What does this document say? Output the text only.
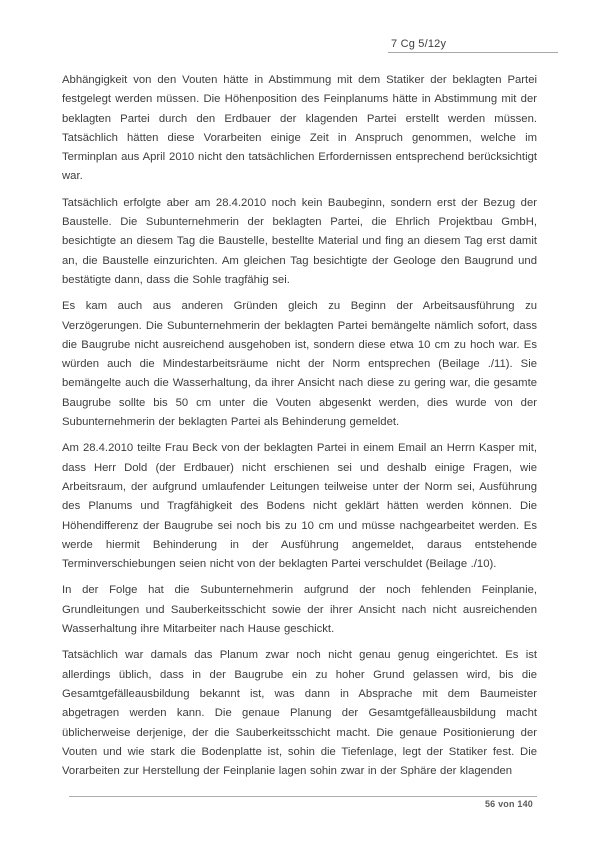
7 Cg 5/12y

Abhängigkeit von den Vouten hätte in Abstimmung mit dem Statiker der beklagten Partei festgelegt werden müssen. Die Höhenposition des Feinplanums hätte in Abstimmung mit der beklagten Partei durch den Erdbauer der klagenden Partei erstellt werden müssen. Tatsächlich hätten diese Vorarbeiten einige Zeit in Anspruch genommen, welche im Terminplan aus April 2010 nicht den tatsächlichen Erfordernissen entsprechend berücksichtigt war.

Tatsächlich erfolgte aber am 28.4.2010 noch kein Baubeginn, sondern erst der Bezug der Baustelle. Die Subunternehmerin der beklagten Partei, die Ehrlich Projektbau GmbH, besichtigte an diesem Tag die Baustelle, bestellte Material und fing an diesem Tag erst damit an, die Baustelle einzurichten. Am gleichen Tag besichtigte der Geologe den Baugrund und bestätigte dann, dass die Sohle tragfähig sei.

Es kam auch aus anderen Gründen gleich zu Beginn der Arbeitsausführung zu Verzögerungen. Die Subunternehmerin der beklagten Partei bemängelte nämlich sofort, dass die Baugrube nicht ausreichend ausgehoben ist, sondern diese etwa 10 cm zu hoch war. Es würden auch die Mindestarbeitsräume nicht der Norm entsprechen (Beilage ./11). Sie bemängelte auch die Wasserhaltung, da ihrer Ansicht nach diese zu gering war, die gesamte Baugrube sollte bis 50 cm unter die Vouten abgesenkt werden, dies wurde von der Subunternehmerin der beklagten Partei als Behinderung gemeldet.

Am 28.4.2010 teilte Frau Beck von der beklagten Partei in einem Email an Herrn Kasper mit, dass Herr Dold (der Erdbauer) nicht erschienen sei und deshalb einige Fragen, wie Arbeitsraum, der aufgrund umlaufender Leitungen teilweise unter der Norm sei, Ausführung des Planums und Tragfähigkeit des Bodens nicht geklärt hätten werden können. Die Höhendifferenz der Baugrube sei noch bis zu 10 cm und müsse nachgearbeitet werden. Es werde hiermit Behinderung in der Ausführung angemeldet, daraus entstehende Terminverschiebungen seien nicht von der beklagten Partei verschuldet (Beilage ./10).

In der Folge hat die Subunternehmerin aufgrund der noch fehlenden Feinplanie, Grundleitungen und Sauberkeitsschicht sowie der ihrer Ansicht nach nicht ausreichenden Wasserhaltung ihre Mitarbeiter nach Hause geschickt.

Tatsächlich war damals das Planum zwar noch nicht genau genug eingerichtet. Es ist allerdings üblich, dass in der Baugrube ein zu hoher Grund gelassen wird, bis die Gesamtgefälleausbildung bekannt ist, was dann in Absprache mit dem Baumeister abgetragen werden kann. Die genaue Planung der Gesamtgefälleausbildung macht üblicherweise derjenige, der die Sauberkeitsschicht macht. Die genaue Positionierung der Vouten und wie stark die Bodenplatte ist, sohin die Tiefenlage, legt der Statiker fest. Die Vorarbeiten zur Herstellung der Feinplanie lagen sohin zwar in der Sphäre der klagenden

56 von 140
